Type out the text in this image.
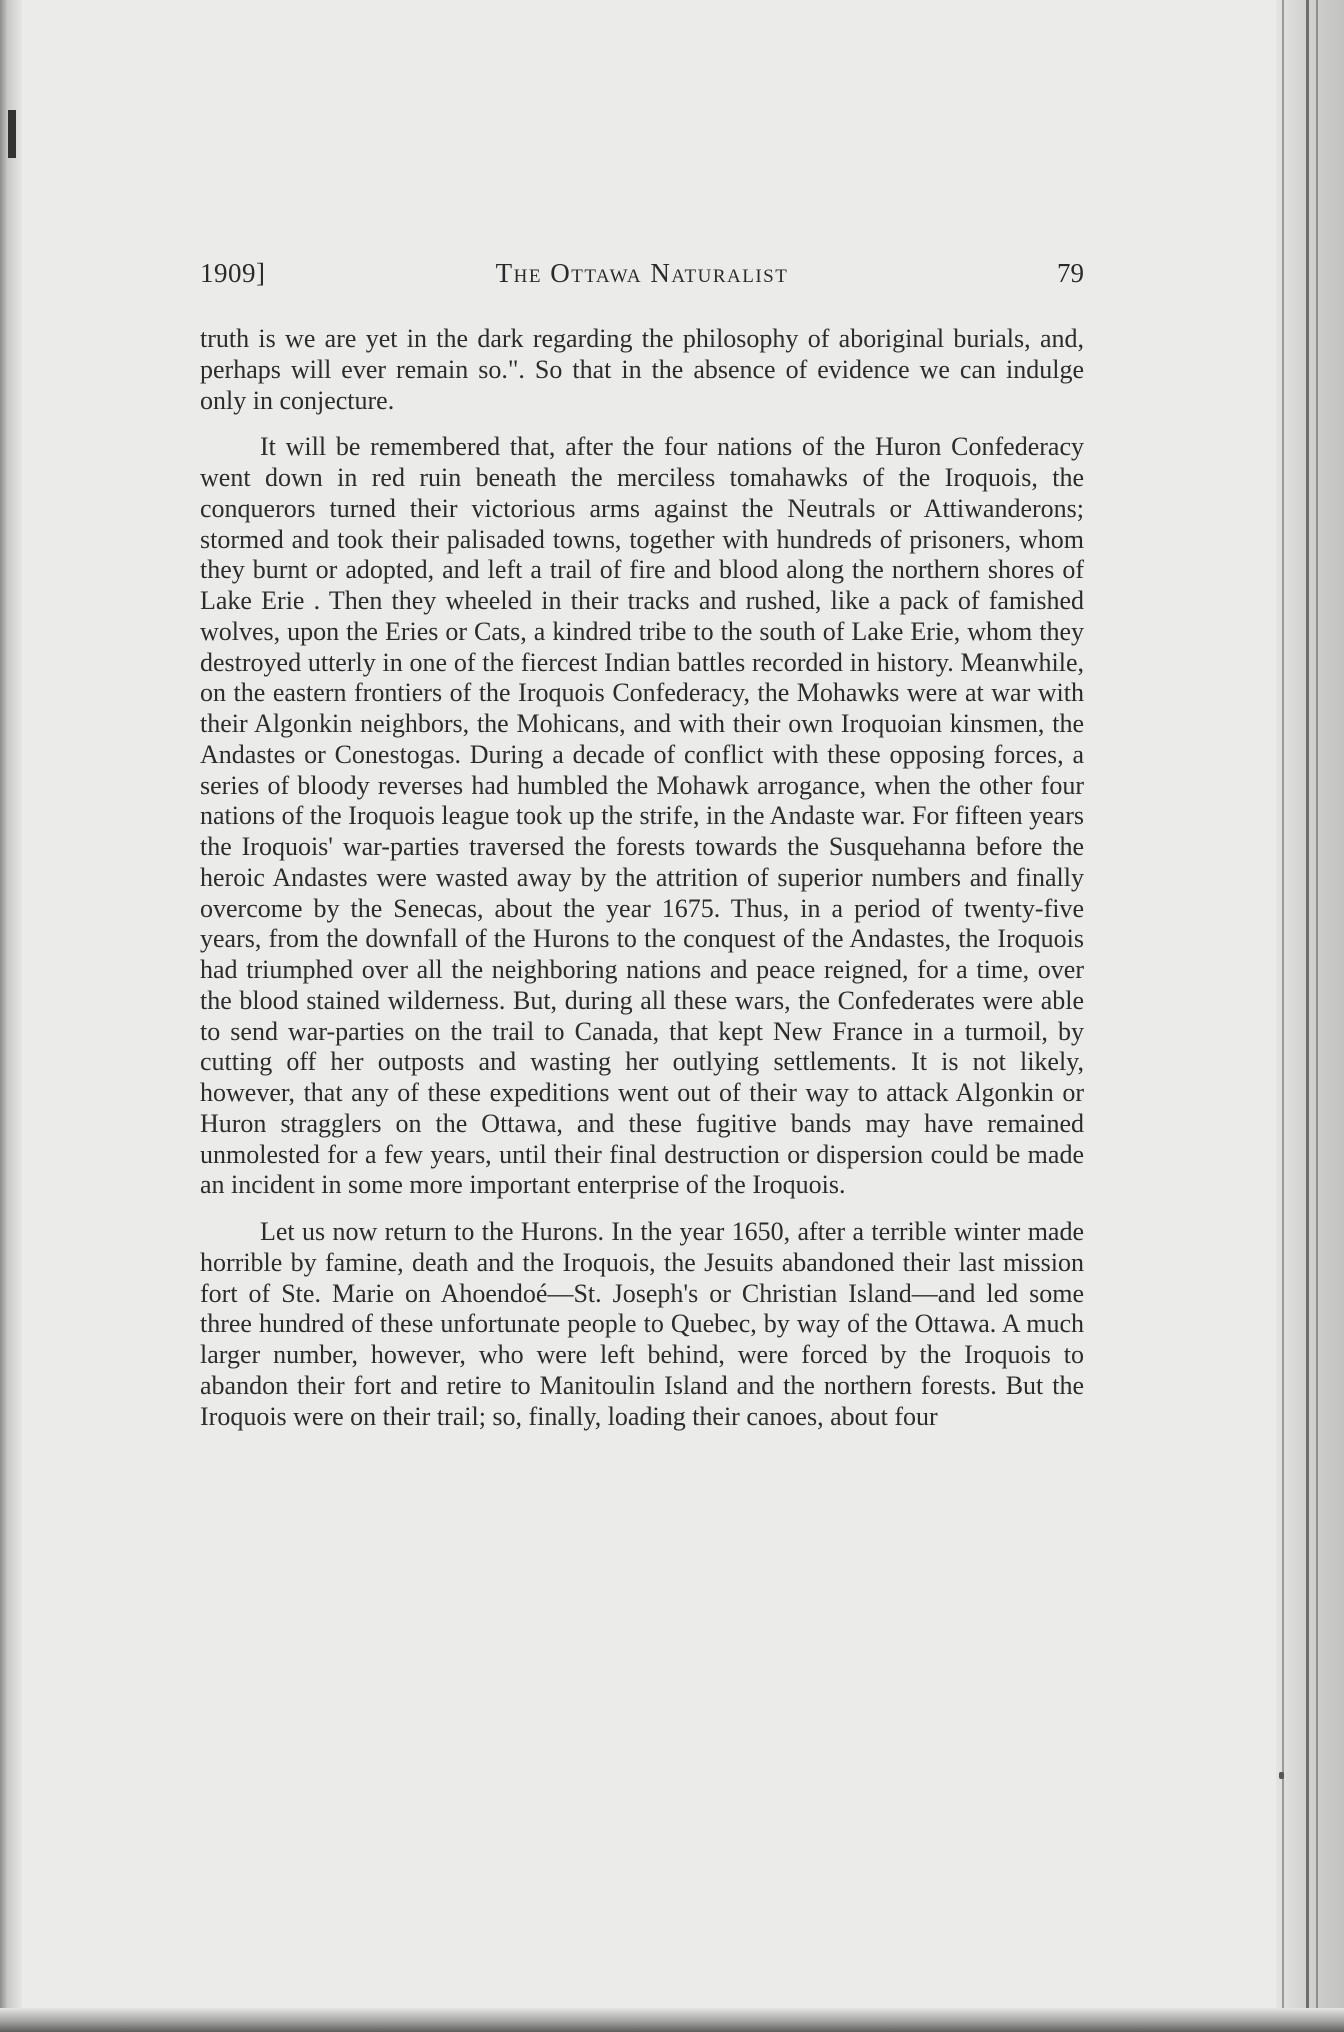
1909]	The Ottawa Naturalist	79

truth is we are yet in the dark regarding the philosophy of aboriginal burials, and, perhaps will ever remain so.". So that in the absence of evidence we can indulge only in conjecture.

It will be remembered that, after the four nations of the Huron Confederacy went down in red ruin beneath the merciless tomahawks of the Iroquois, the conquerors turned their victorious arms against the Neutrals or Attiwanderons; stormed and took their palisaded towns, together with hundreds of prisoners, whom they burnt or adopted, and left a trail of fire and blood along the northern shores of Lake Erie . Then they wheeled in their tracks and rushed, like a pack of famished wolves, upon the Eries or Cats, a kindred tribe to the south of Lake Erie, whom they destroyed utterly in one of the fiercest Indian battles recorded in history. Meanwhile, on the eastern frontiers of the Iroquois Confederacy, the Mohawks were at war with their Algonkin neighbors, the Mohicans, and with their own Iroquoian kinsmen, the Andastes or Conestogas. During a decade of conflict with these opposing forces, a series of bloody reverses had humbled the Mohawk arrogance, when the other four nations of the Iroquois league took up the strife, in the Andaste war. For fifteen years the Iroquois' war-parties traversed the forests towards the Susquehanna before the heroic Andastes were wasted away by the attrition of superior numbers and finally overcome by the Senecas, about the year 1675. Thus, in a period of twenty-five years, from the downfall of the Hurons to the conquest of the Andastes, the Iroquois had triumphed over all the neighboring nations and peace reigned, for a time, over the blood stained wilderness. But, during all these wars, the Confederates were able to send war-parties on the trail to Canada, that kept New France in a turmoil, by cutting off her outposts and wasting her outlying settlements. It is not likely, however, that any of these expeditions went out of their way to attack Algonkin or Huron stragglers on the Ottawa, and these fugitive bands may have remained unmolested for a few years, until their final destruction or dispersion could be made an incident in some more important enterprise of the Iroquois.

Let us now return to the Hurons. In the year 1650, after a terrible winter made horrible by famine, death and the Iroquois, the Jesuits abandoned their last mission fort of Ste. Marie on Ahoendoé—St. Joseph's or Christian Island—and led some three hundred of these unfortunate people to Quebec, by way of the Ottawa. A much larger number, however, who were left behind, were forced by the Iroquois to abandon their fort and retire to Manitoulin Island and the northern forests. But the Iroquois were on their trail; so, finally, loading their canoes, about four
